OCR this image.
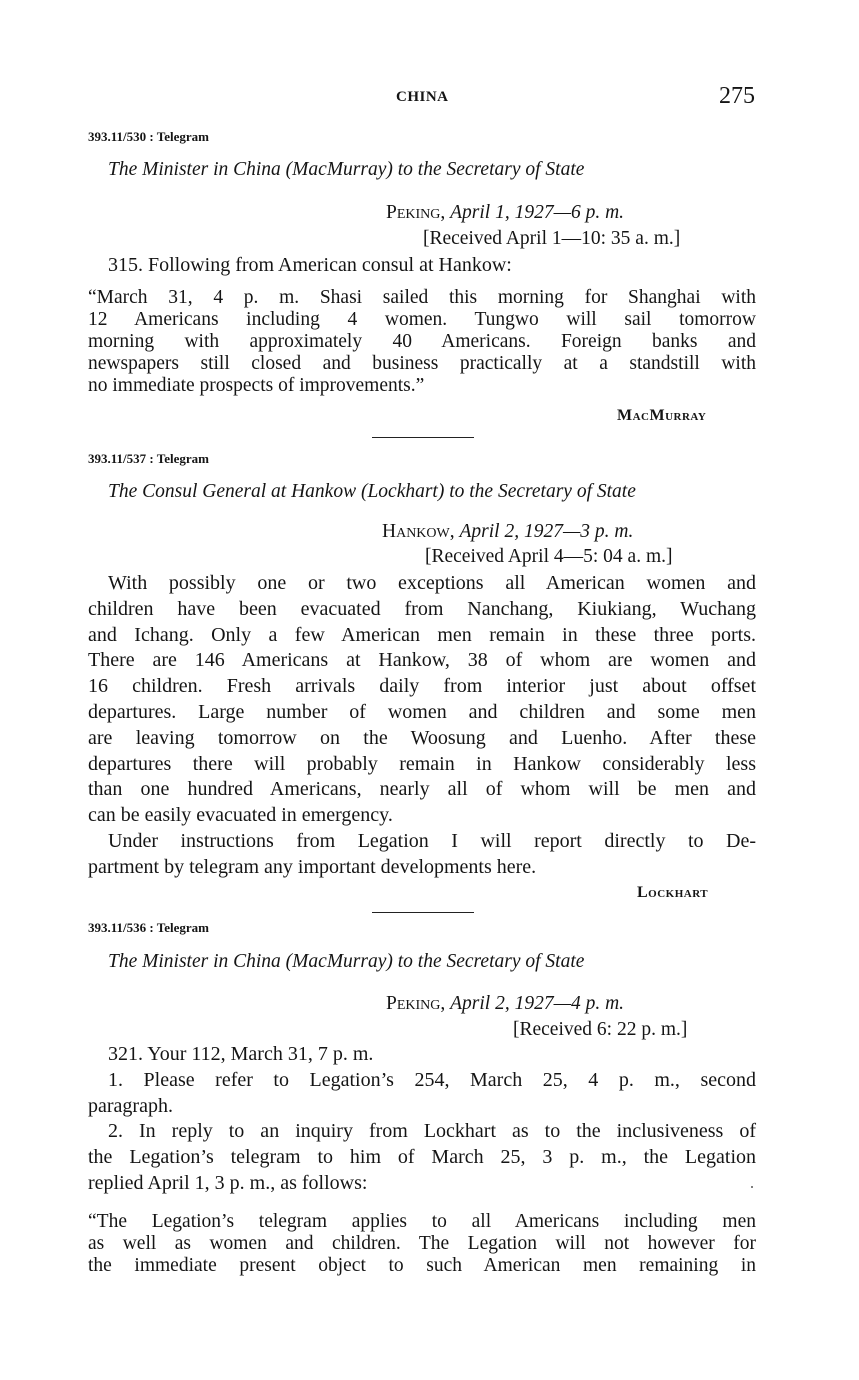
CHINA	275
393.11/530 : Telegram
The Minister in China (MacMurray) to the Secretary of State
Peking, April 1, 1927—6 p. m.
[Received April 1—10: 35 a. m.]
315. Following from American consul at Hankow:
“March 31, 4 p. m. Shasi sailed this morning for Shanghai with
12 Americans including 4 women. Tungwo will sail tomorrow
morning with approximately 40 Americans. Foreign banks and
newspapers still closed and business practically at a standstill with
no immediate prospects of improvements.”
MacMurray
393.11/537 : Telegram
The Consul General at Hankow (Lockhart) to the Secretary of State
Hankow, April 2, 1927—3 p. m.
[Received April 4—5: 04 a. m.]
With possibly one or two exceptions all American women and
children have been evacuated from Nanchang, Kiukiang, Wuchang
and Ichang. Only a few American men remain in these three ports.
There are 146 Americans at Hankow, 38 of whom are women and
16 children. Fresh arrivals daily from interior just about offset
departures. Large number of women and children and some men
are leaving tomorrow on the Woosung and Luenho. After these
departures there will probably remain in Hankow considerably less
than one hundred Americans, nearly all of whom will be men and
can be easily evacuated in emergency.
Under instructions from Legation I will report directly to De-
partment by telegram any important developments here.
Lockhart
393.11/536 : Telegram
The Minister in China (MacMurray) to the Secretary of State
Peking, April 2, 1927—4 p. m.
[Received 6: 22 p. m.]
321. Your 112, March 31, 7 p. m.
1. Please refer to Legation’s 254, March 25, 4 p. m., second
paragraph.
2. In reply to an inquiry from Lockhart as to the inclusiveness of
the Legation’s telegram to him of March 25, 3 p. m., the Legation
replied April 1, 3 p. m., as follows:
“The Legation’s telegram applies to all Americans including men
as well as women and children. The Legation will not however for
the immediate present object to such American men remaining in
